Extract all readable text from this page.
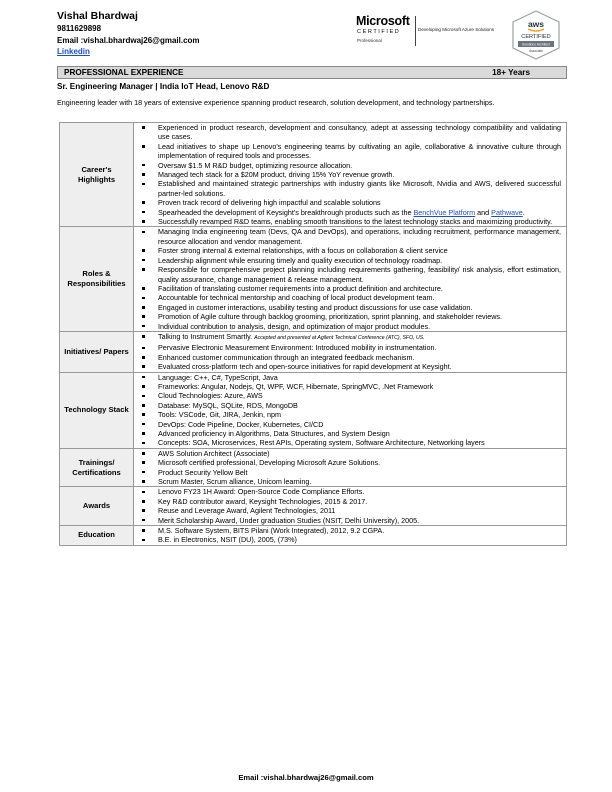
Vishal Bhardwaj
9811629898
Email :vishal.bhardwaj26@gmail.com
Linkedin
Microsoft
CERTIFIED
Professional
Developing Microsoft Azure Solutions
aws
CERTIFIED
Solutions Architect
Associate
PROFESSIONAL EXPERIENCE	18+ Years
Sr. Engineering Manager | India IoT Head, Lenovo R&D
Engineering leader with 18 years of extensive experience spanning product research, solution development, and technology partnerships.
Career's Highlights
Experienced in product research, development and consultancy, adept at assessing technology compatibility and validating use cases.
Lead initiatives to shape up Lenovo's engineering teams by cultivating an agile, collaborative & innovative culture through implementation of required tools and processes.
Oversaw $1.5 M R&D budget, optimizing resource allocation.
Managed tech stack for a $20M product, driving 15% YoY revenue growth.
Established and maintained strategic partnerships with industry giants like Microsoft, Nvidia and AWS, delivered successful partner-led solutions.
Proven track record of delivering high impactful and scalable solutions
Spearheaded the development of Keysight's breakthrough products such as the BenchVue Platform and Pathwave.
Successfully revamped R&D teams, enabling smooth transitions to the latest technology stacks and maximizing productivity.
Roles & Responsibilities
Managing India engineering team (Devs, QA and DevOps), and operations, including recruitment, performance management, resource allocation and vendor management.
Foster strong internal & external relationships, with a focus on collaboration & client service
Leadership alignment while ensuring timely and quality execution of technology roadmap.
Responsible for comprehensive project planning including requirements gathering, feasibility/ risk analysis, effort estimation, quality assurance, change management & release management.
Facilitation of translating customer requirements into a product definition and architecture.
Accountable for technical mentorship and coaching of local product development team.
Engaged in customer interactions, usability testing and product discussions for use case validation.
Promotion of Agile culture through backlog grooming, prioritization, sprint planning, and stakeholder reviews.
Individual contribution to analysis, design, and optimization of major product modules.
Initiatives/ Papers
Talking to Instrument Smartly. Accepted and presented at Agilent Technical Conference (ATC), SFO, US.
Pervasive Electronic Measurement Environment: Introduced mobility in instrumentation.
Enhanced customer communication through an integrated feedback mechanism.
Evaluated cross-platform tech and open-source initiatives for rapid development at Keysight.
Technology Stack
Language: C++, C#, TypeScript, Java
Frameworks: Angular, Nodejs, Qt, WPF, WCF, Hibernate, SpringMVC, .Net Framework
Cloud Technologies: Azure, AWS
Database: MySQL, SQLite, RDS, MongoDB
Tools: VSCode, Git, JIRA, Jenkin, npm
DevOps: Code Pipeline, Docker, Kubernetes, CI/CD
Advanced proficiency in Algorithms, Data Structures, and System Design
Concepts: SOA, Microservices, Rest APIs, Operating system, Software Architecture, Networking layers
Trainings/ Certifications
AWS Solution Architect (Associate)
Microsoft certified professional, Developing Microsoft Azure Solutions.
Product Security Yellow Belt
Scrum Master, Scrum alliance, Unicom learning.
Awards
Lenovo FY23 1H Award: Open-Source Code Compliance Efforts.
Key R&D contributor award, Keysight Technologies, 2015 & 2017.
Reuse and Leverage Award, Agilent Technologies, 2011
Merit Scholarship Award, Under graduation Studies (NSIT, Delhi University), 2005.
Education	M.S. Software System, BITS Pilani (Work Integrated), 2012, 9.2 CGPA.
B.E. in Electronics, NSIT (DU), 2005, (73%)
Email :vishal.bhardwaj26@gmail.com
